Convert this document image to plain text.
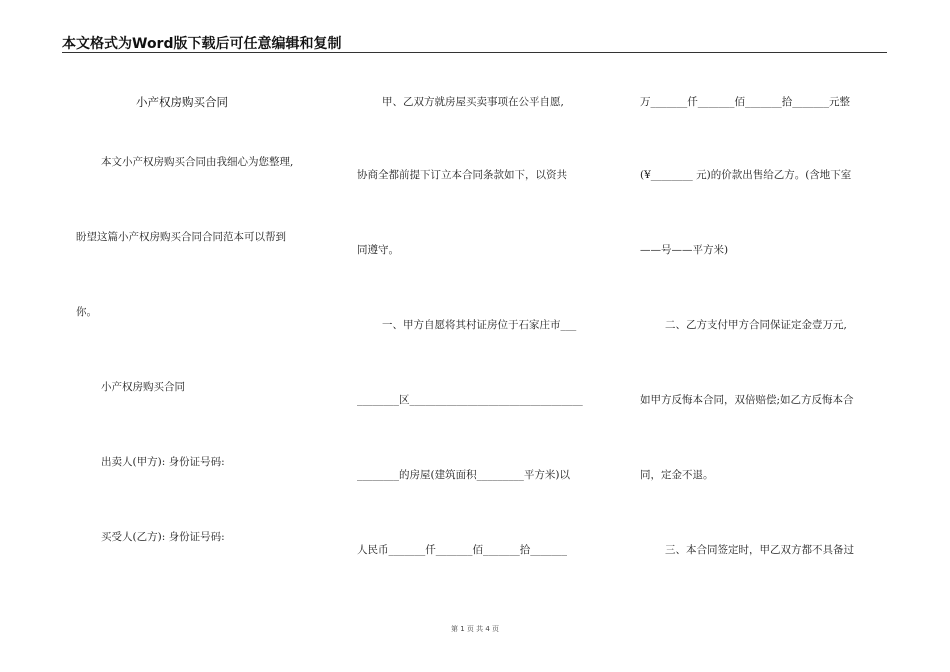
本文格式为Word版下载后可任意编辑和复制
小产权房购买合同
本文小产权房购买合同由我细心为您整理,
盼望这篇小产权房购买合同合同范本可以帮到
你。
小产权房购买合同
出卖人(甲方): 身份证号码:
买受人(乙方): 身份证号码:
甲、乙双方就房屋买卖事项在公平自愿,
协商全都前提下订立本合同条款如下，以资共
同遵守。
一、甲方自愿将其村证房位于石家庄市___
________区_________________________________
________的房屋(建筑面积_________平方米)以
人民币_______仟_______佰_______拾_______
万_______仟_______佰_______拾_______元整
(¥________ 元)的价款出售给乙方。(含地下室
——号——平方米)
二、乙方支付甲方合同保证定金壹万元,
如甲方反悔本合同，双倍赔偿;如乙方反悔本合
同，定金不退。
三、本合同签定时，甲乙双方都不具备过
第 1 页 共 4 页
